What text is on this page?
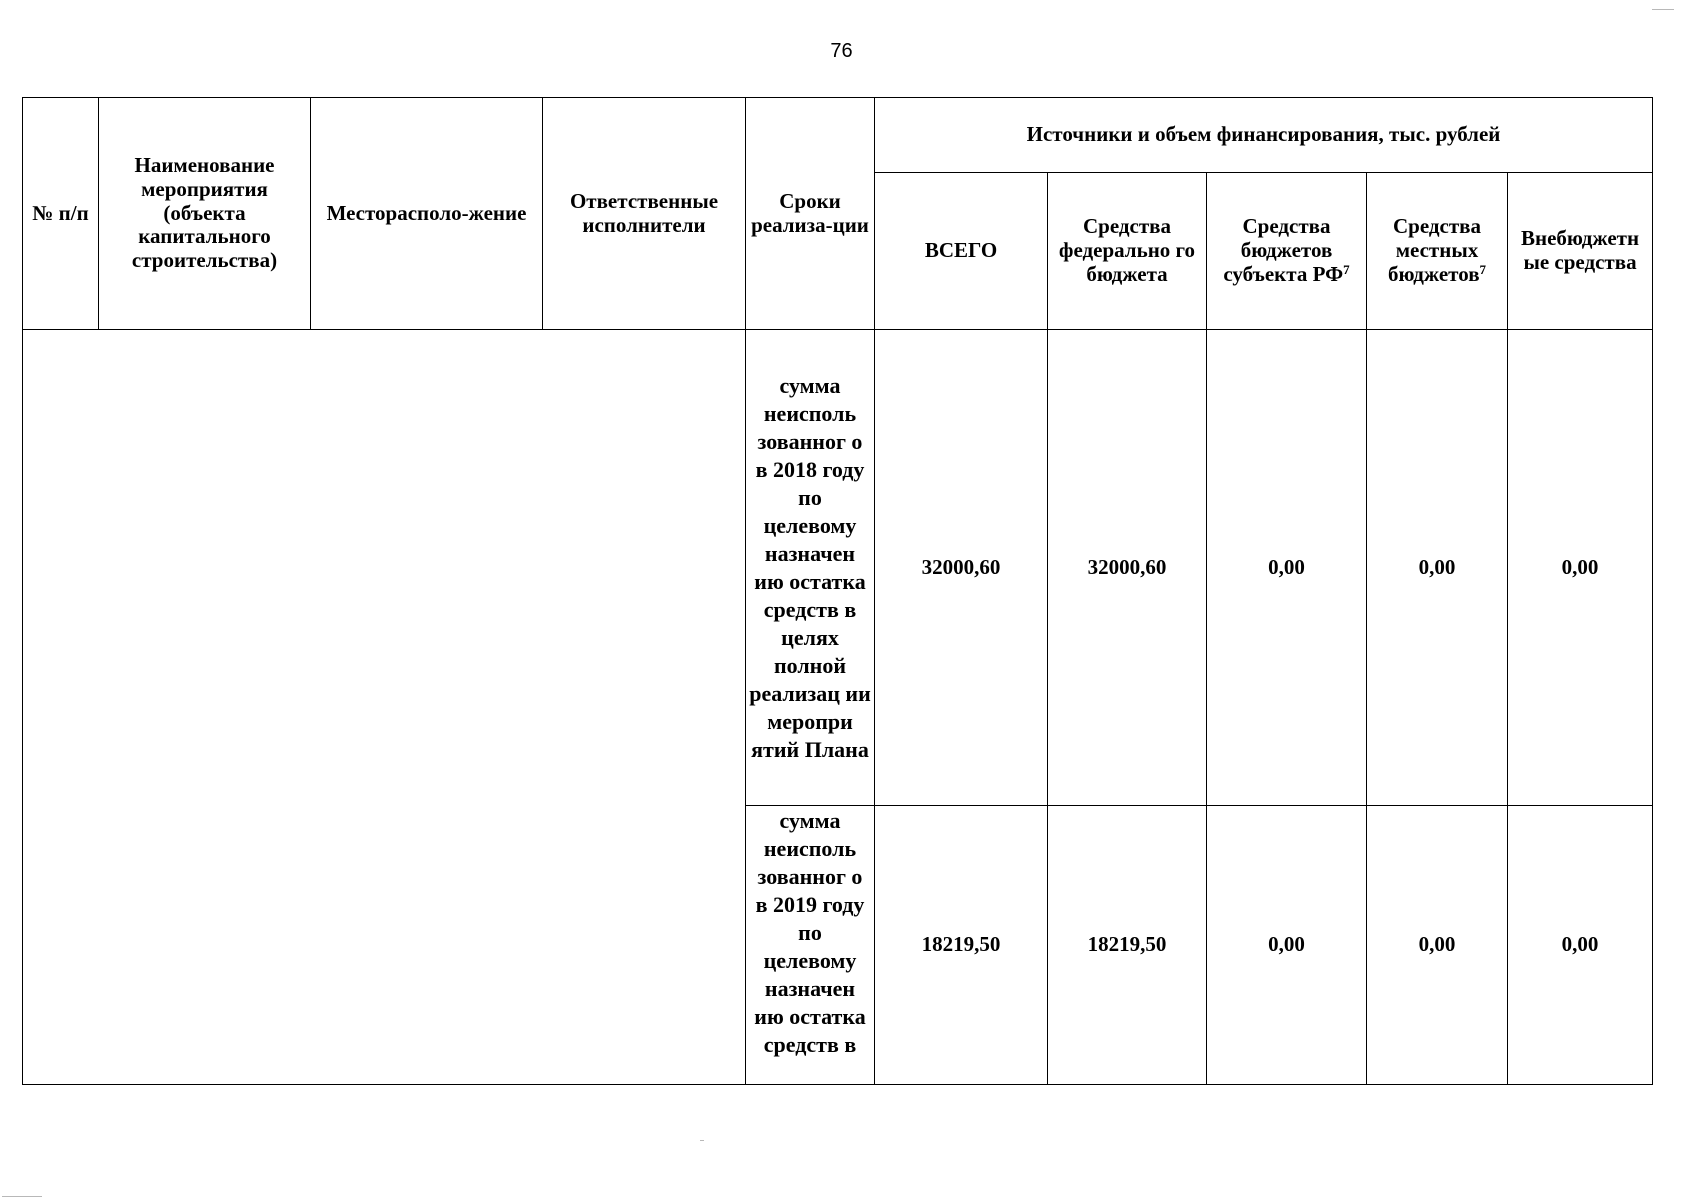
76
№ п/п	Наименование мероприятия (объекта капитального строительства)	Месторасполо-жение	Ответственные исполнители	Сроки реализа-ции	Источники и объем финансирования, тыс. рублей				
					ВСЕГО	Средства федерально го бюджета	Средства бюджетов субъекта $РФ^7$	Средства местных бюджетов$^7$	Внебюджетн ые средства
				сумма неисполь зованног о в 2018 году по целевому назначен ию остатка средств в целях полной реализац ии меропри ятий Плана	32000,60	32000,60	0,00	0,00	0,00

				сумма неисполь зованног о в 2019 году по целевому назначен ию остатка средств в	18219,50	18219,50	0,00	0,00	0,00
